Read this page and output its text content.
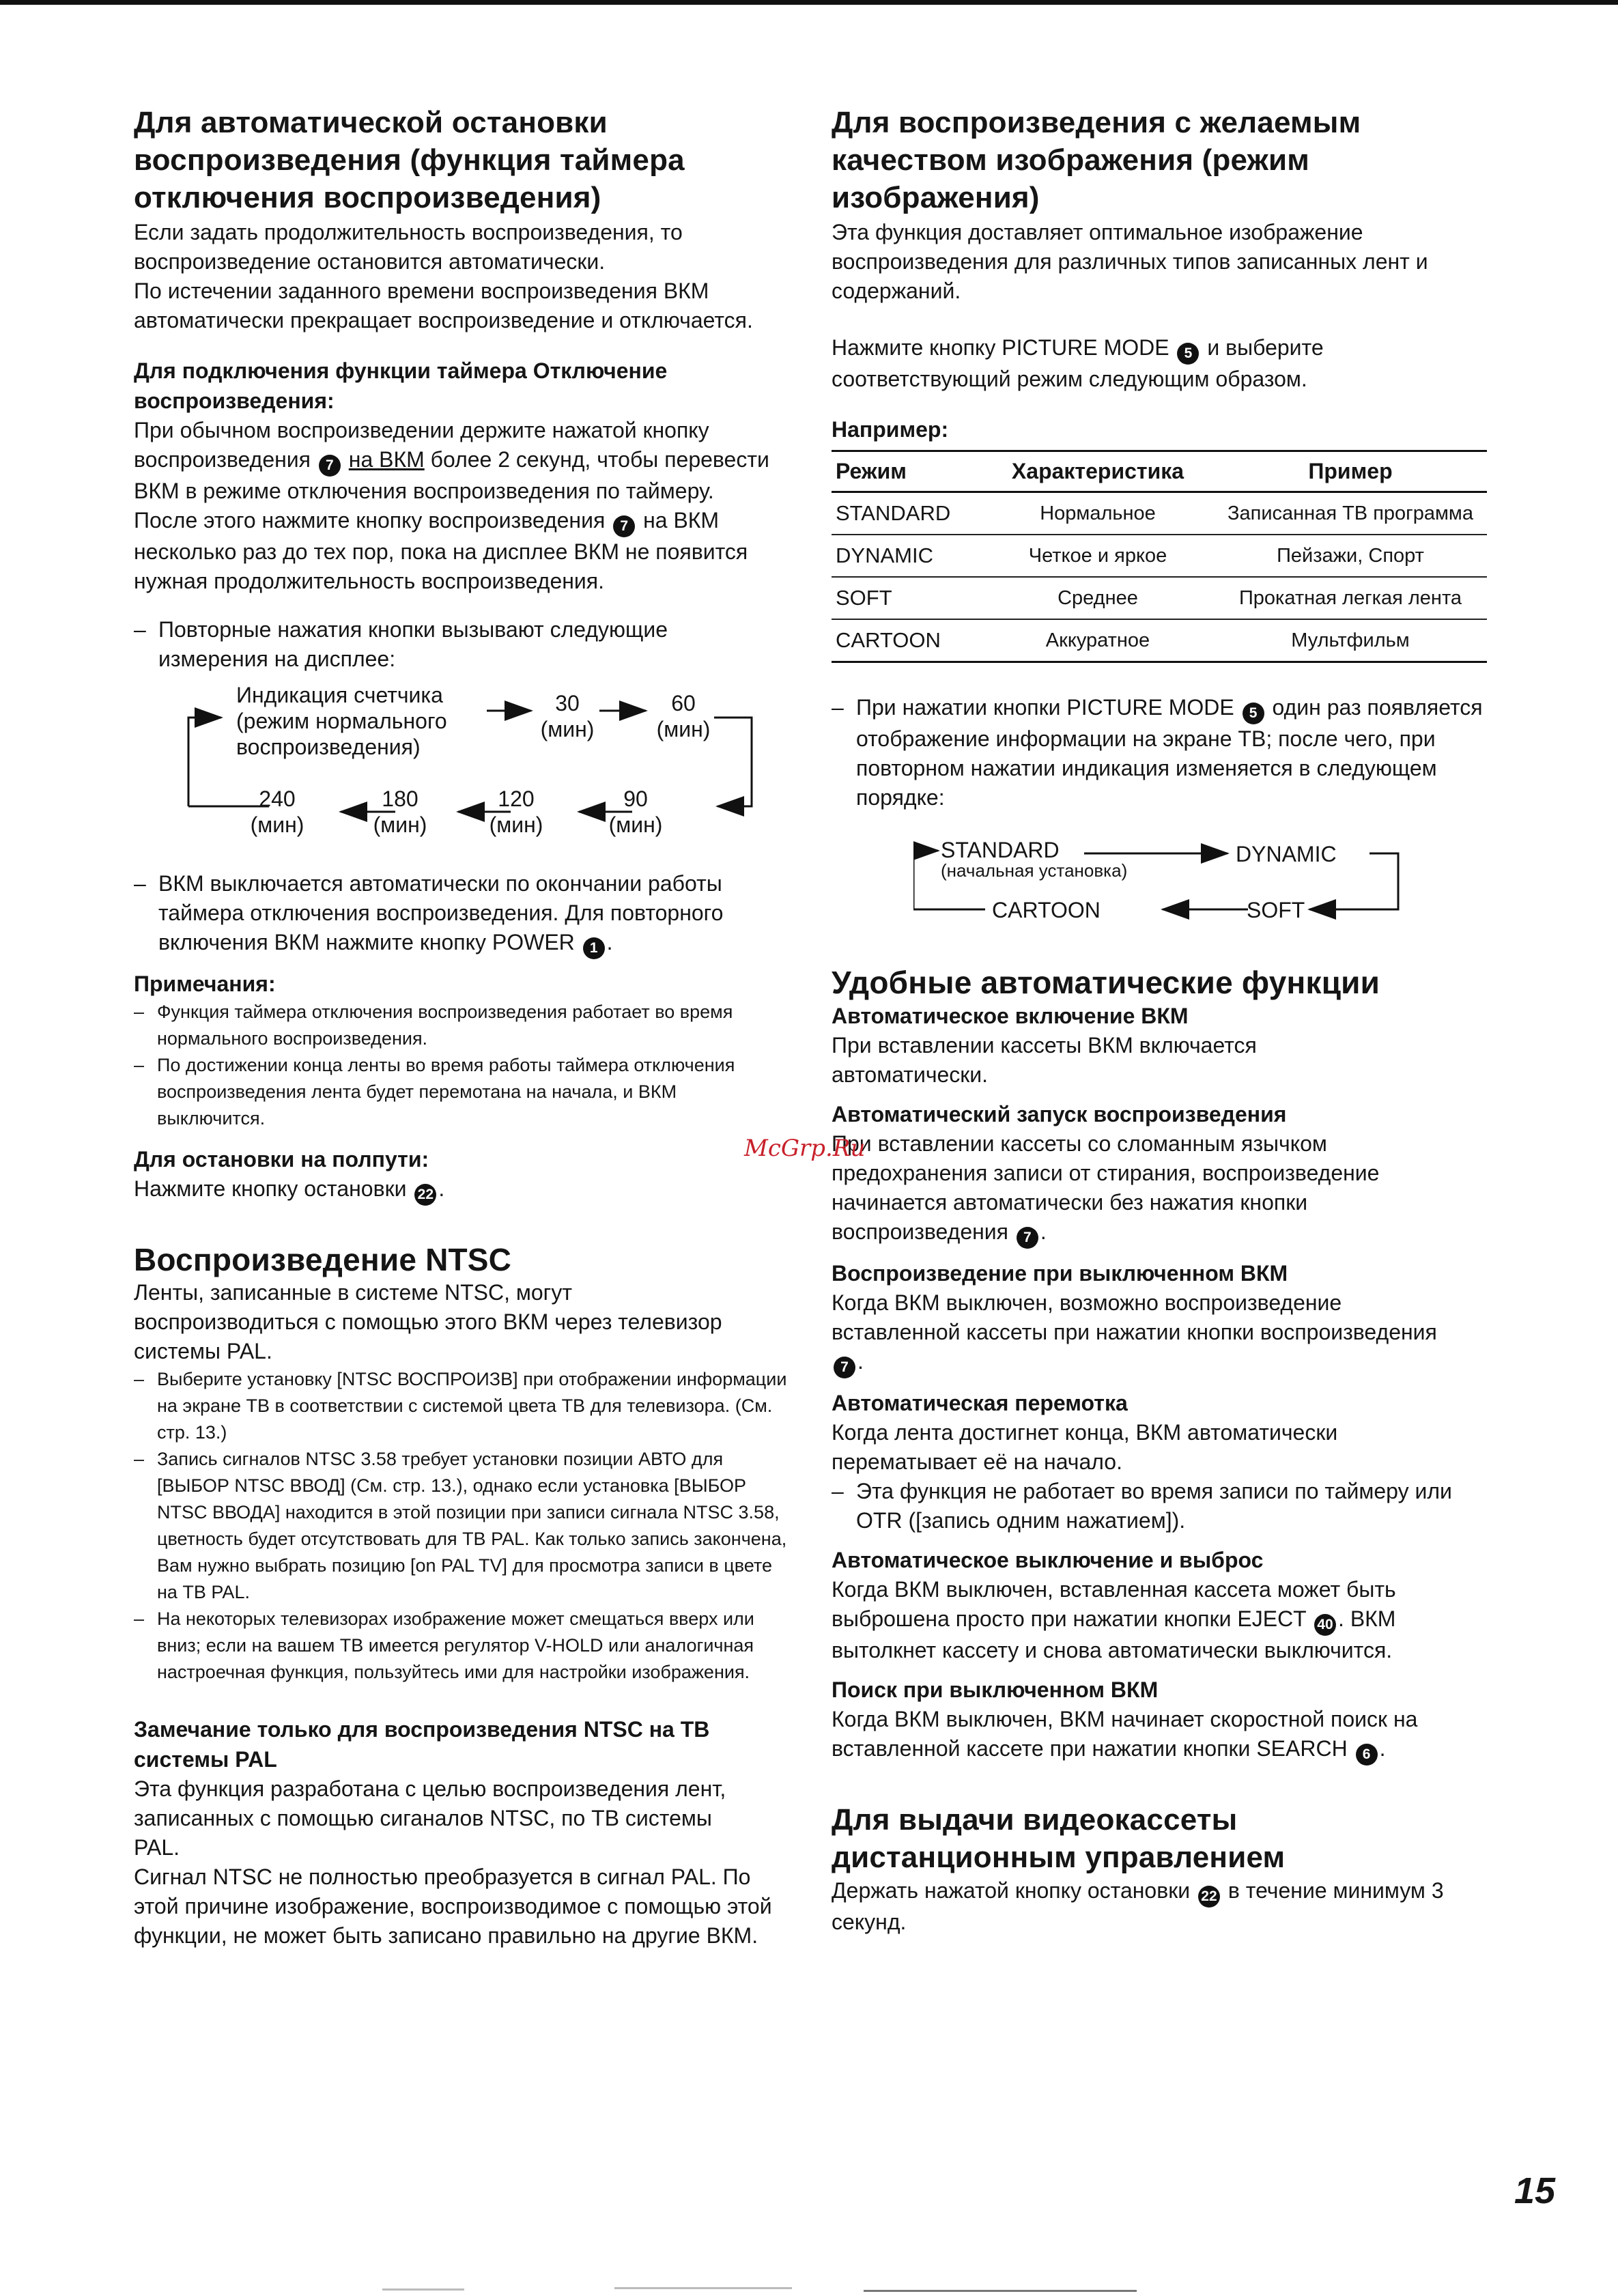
Для автоматической остановки воспроизведения (функция таймера отключения воспроизведения)
Если задать продолжительность воспроизведения, то воспроизведение остановится автоматически.
По истечении заданного времени воспроизведения ВКМ автоматически прекращает воспроизведение и отключается.
Для подключения функции таймера Отключение воспроизведения:
При обычном воспроизведении держите нажатой кнопку воспроизведения 7 на ВКМ более 2 секунд, чтобы перевести ВКМ в режиме отключения воспроизведения по таймеру.
После этого нажмите кнопку воспроизведения 7 на ВКМ несколько раз до тех пор, пока на дисплее ВКМ не появится нужная продолжительность воспроизведения.
– Повторные нажатия кнопки вызывают следующие измерения на дисплее:
Индикация счетчика (режим нормального воспроизведения)
30
(мин)
60
(мин)
240
(мин)
180
(мин)
120
(мин)
90
(мин)
– ВКМ выключается автоматически по окончании работы таймера отключения воспроизведения. Для повторного включения ВКМ нажмите кнопку POWER 1 .
Примечания:
– Функция таймера отключения воспроизведения работает во время нормального воспроизведения.
– По достижении конца ленты во время работы таймера отключения воспроизведения лента будет перемотана на начала, и ВКМ выключится.
Для остановки на полпути:
Нажмите кнопку остановки 22 .
Воспроизведение NTSC
Ленты, записанные в системе NTSC, могут воспроизводиться с помощью этого ВКМ через телевизор системы PAL.
– Выберите установку [NTSC ВОСПРОИЗВ] при отображении информации на экране ТВ в соответствии с системой цвета ТВ для телевизора. (См. стр. 13.)
– Запись сигналов NTSC 3.58 требует установки позиции АВТО для [ВЫБОР NTSC ВВОД] (См. стр. 13.), однако если установка [ВЫБОР NTSC ВВОДА] находится в этой позиции при записи сигнала NTSC 3.58, цветность будет отсутствовать для ТВ PAL. Как только запись закончена, Вам нужно выбрать позицию [on PAL TV] для просмотра записи в цвете на ТВ PAL.
– На некоторых телевизорах изображение может смещаться вверх или вниз; если на вашем ТВ имеется регулятор V-HOLD или аналогичная настроечная функция, пользуйтесь ими для настройки изображения.
Замечание только для воспроизведения NTSC на ТВ системы PAL
Эта функция разработана с целью воспроизведения лент, записанных с помощью сиганалов NTSC, по ТВ системы PAL.
Сигнал NTSC не полностью преобразуется в сигнал PAL. По этой причине изображение, воспроизводимое с помощью этой функции, не может быть записано правильно на другие ВКМ.
Для воспроизведения с желаемым качеством изображения (режим изображения)
Эта функция доставляет оптимальное изображение воспроизведения для различных типов записанных лент и содержаний.
Нажмите кнопку PICTURE MODE 5 и выберите соответствующий режим следующим образом.
Например:
Режим	Характеристика	Пример
STANDARD	Нормальное	Записанная ТВ программа
DYNAMIC	Четкое и яркое	Пейзажи, Спорт
SOFT	Среднее	Прокатная легкая лента
CARTOON	Аккуратное	Мультфильм
– При нажатии кнопки PICTURE MODE 5 один раз появляется отображение информации на экране ТВ; после чего, при повторном нажатии индикация изменяется в следующем порядке:
STANDARD
(начальная установка)
DYNAMIC
SOFT
CARTOON
Удобные автоматические функции
Автоматическое включение ВКМ
При вставлении кассеты ВКМ включается автоматически.
Автоматический запуск воспроизведения
При вставлении кассеты со сломанным язычком предохранения записи от стирания, воспроизведение начинается автоматически без нажатия кнопки воспроизведения 7 .
Воспроизведение при выключенном ВКМ
Когда ВКМ выключен, возможно воспроизведение вставленной кассеты при нажатии кнопки воспроизведения 7 .
Автоматическая перемотка
Когда лента достигнет конца, ВКМ автоматически перематывает её на начало.
– Эта функция не работает во время записи по таймеру или OTR ([запись одним нажатием]).
Автоматическое выключение и выброс
Когда ВКМ выключен, вставленная кассета может быть выброшена просто при нажатии кнопки EJECT 40 . ВКМ вытолкнет кассету и снова автоматически выключится.
Поиск при выключенном ВКМ
Когда ВКМ выключен, ВКМ начинает скоростной поиск на вставленной кассете при нажатии кнопки SEARCH 6 .
Для выдачи видеокассеты дистанционным управлением
Держать нажатой кнопку остановки 22 в течение минимум 3 секунд.
McGrp.Ru
15
